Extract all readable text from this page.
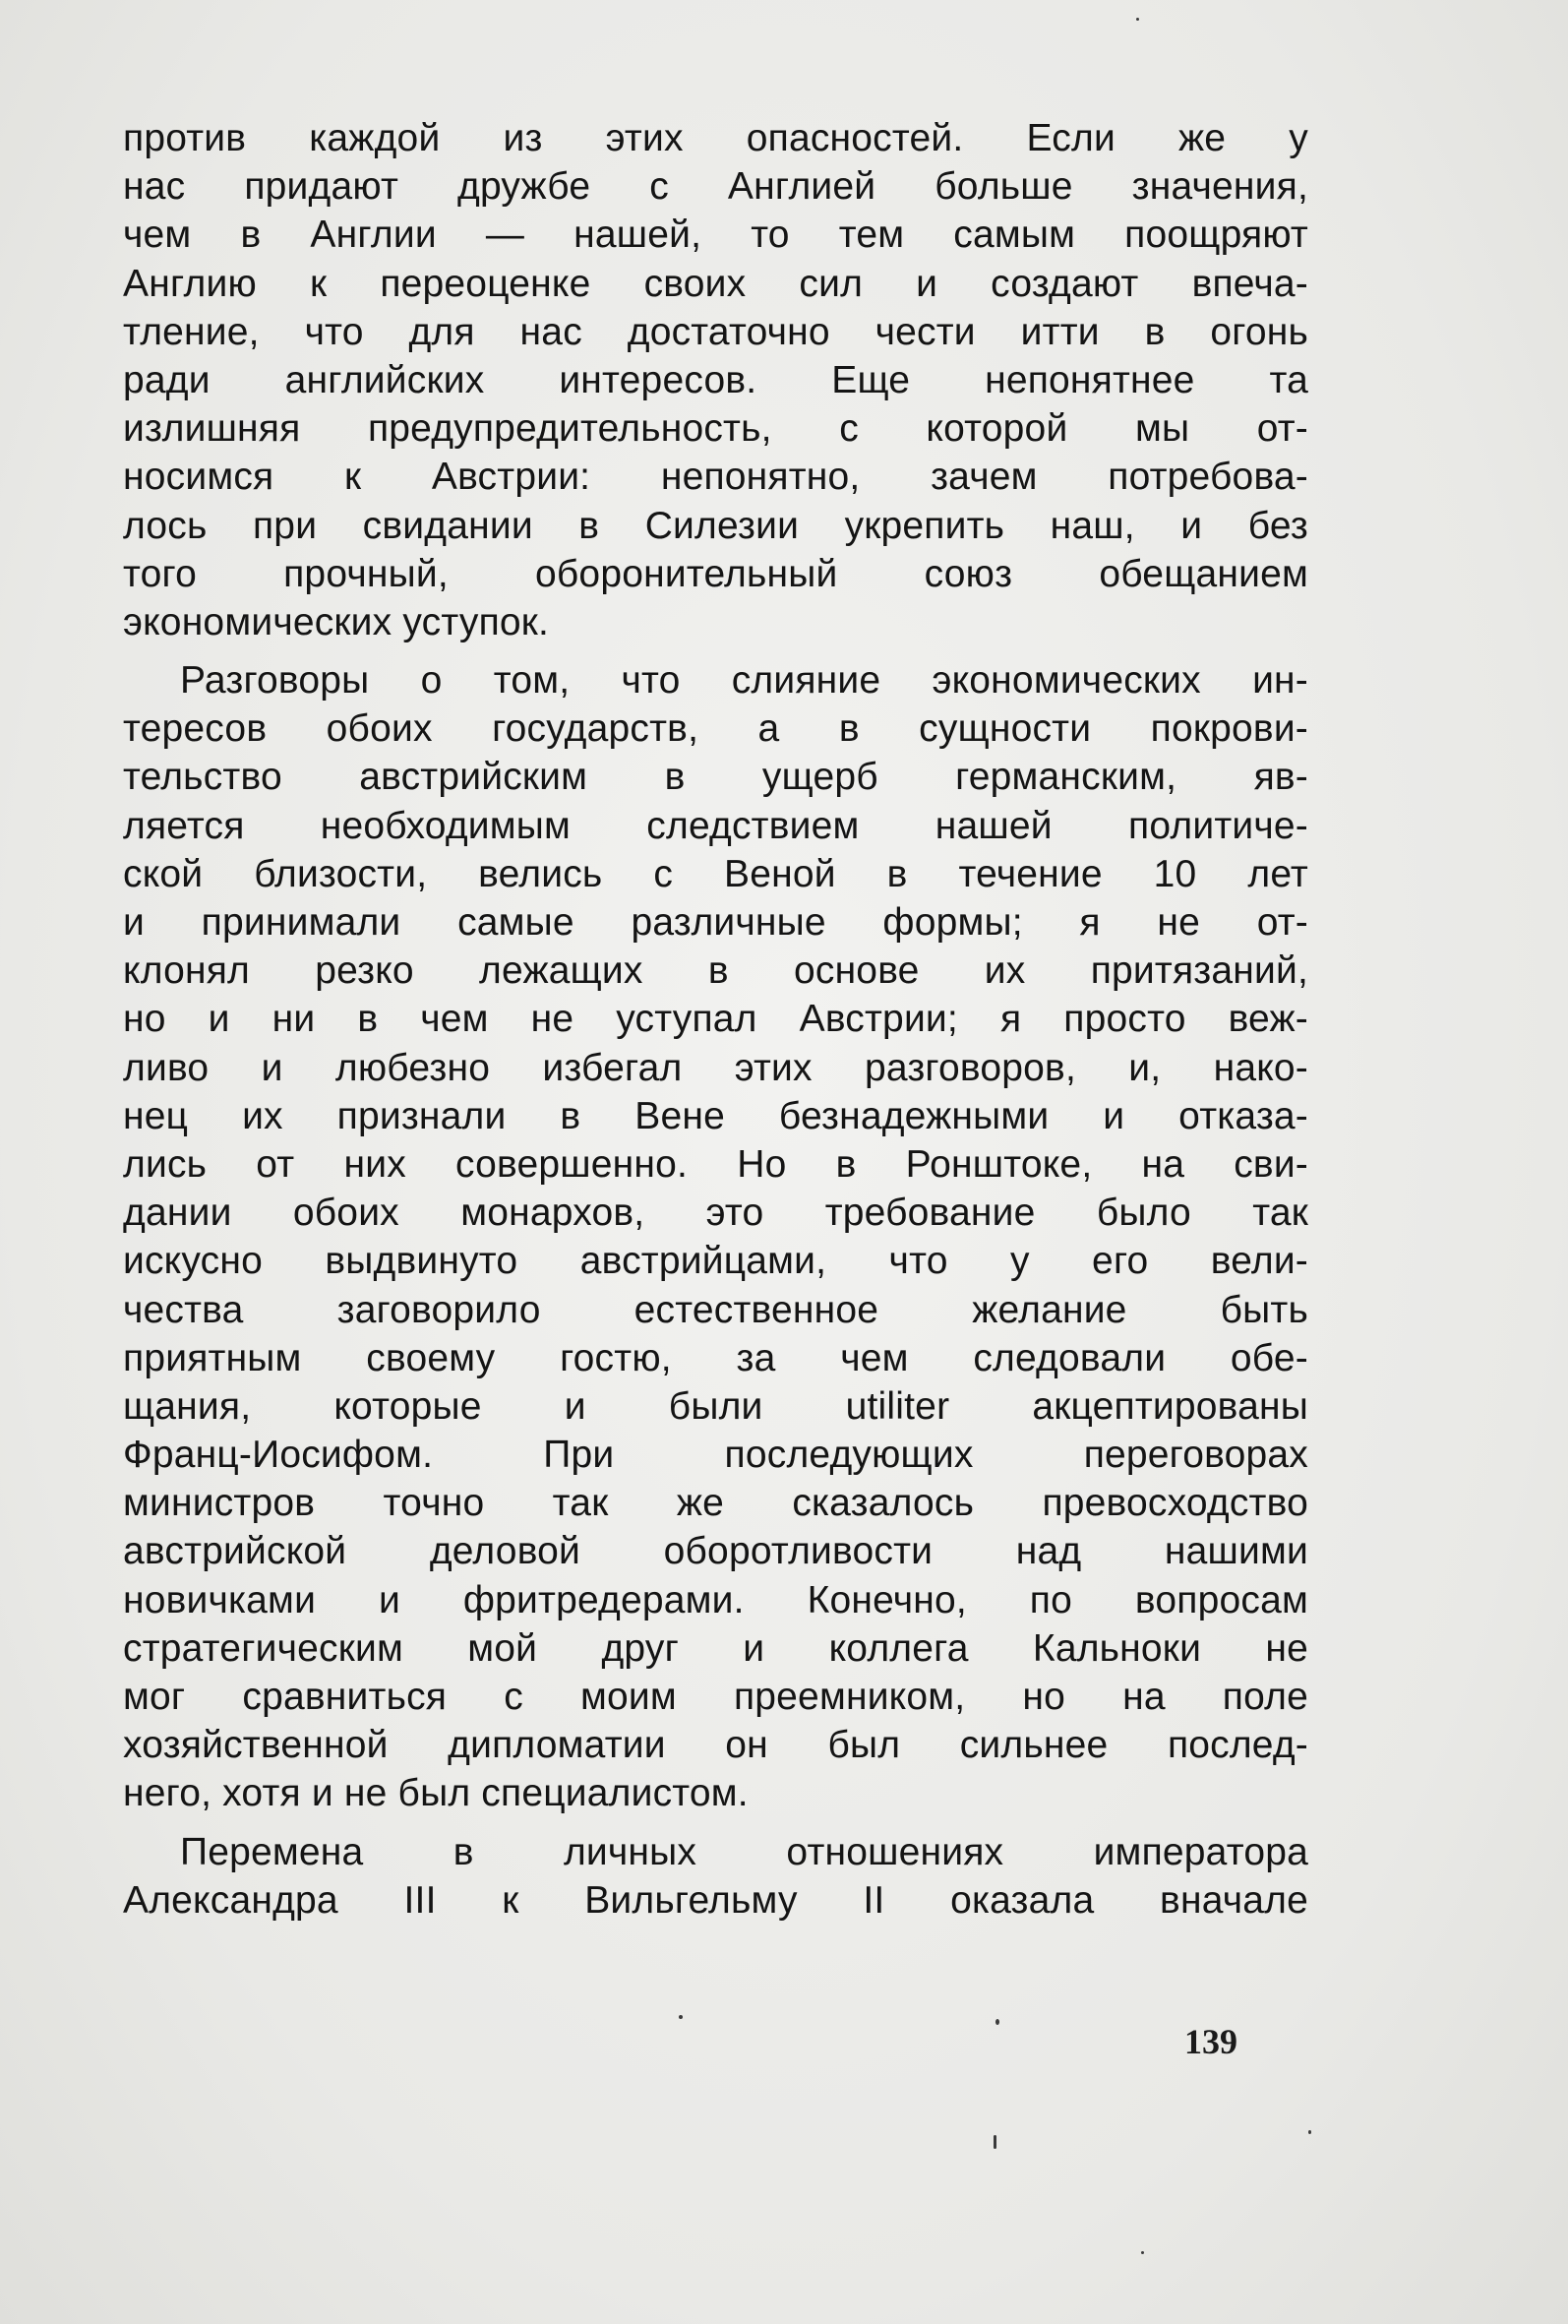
против каждой из этих опасностей. Если же у
нас придают дружбе с Англией больше значения,
чем в Англии — нашей, то тем самым поощряют
Англию к переоценке своих сил и создают впеча-
тление, что для нас достаточно чести итти в огонь
ради английских интересов. Еще непонятнее та
излишняя предупредительность, с которой мы от-
носимся к Австрии: непонятно, зачем потребова-
лось при свидании в Силезии укрепить наш, и без
того прочный, оборонительный союз обещанием
экономических уступок.
Разговоры о том, что слияние экономических ин-
тересов обоих государств, а в сущности покрови-
тельство австрийским в ущерб германским, яв-
ляется необходимым следствием нашей политиче-
ской близости, велись с Веной в течение 10 лет
и принимали самые различные формы; я не от-
клонял резко лежащих в основе их притязаний,
но и ни в чем не уступал Австрии; я просто веж-
ливо и любезно избегал этих разговоров, и, нако-
нец их признали в Вене безнадежными и отказа-
лись от них совершенно. Но в Ронштоке, на сви-
дании обоих монархов, это требование было так
искусно выдвинуто австрийцами, что у его вели-
чества заговорило естественное желание быть
приятным своему гостю, за чем следовали обе-
щания, которые и были utiliter акцептированы
Франц-Иосифом. При последующих переговорах
министров точно так же сказалось превосходство
австрийской деловой оборотливости над нашими
новичками и фритредерами. Конечно, по вопросам
стратегическим мой друг и коллега Кальноки не
мог сравниться с моим преемником, но на поле
хозяйственной дипломатии он был сильнее послед-
него, хотя и не был специалистом.
Перемена в личных отношениях императора
Александра III к Вильгельму II оказала вначале
139
